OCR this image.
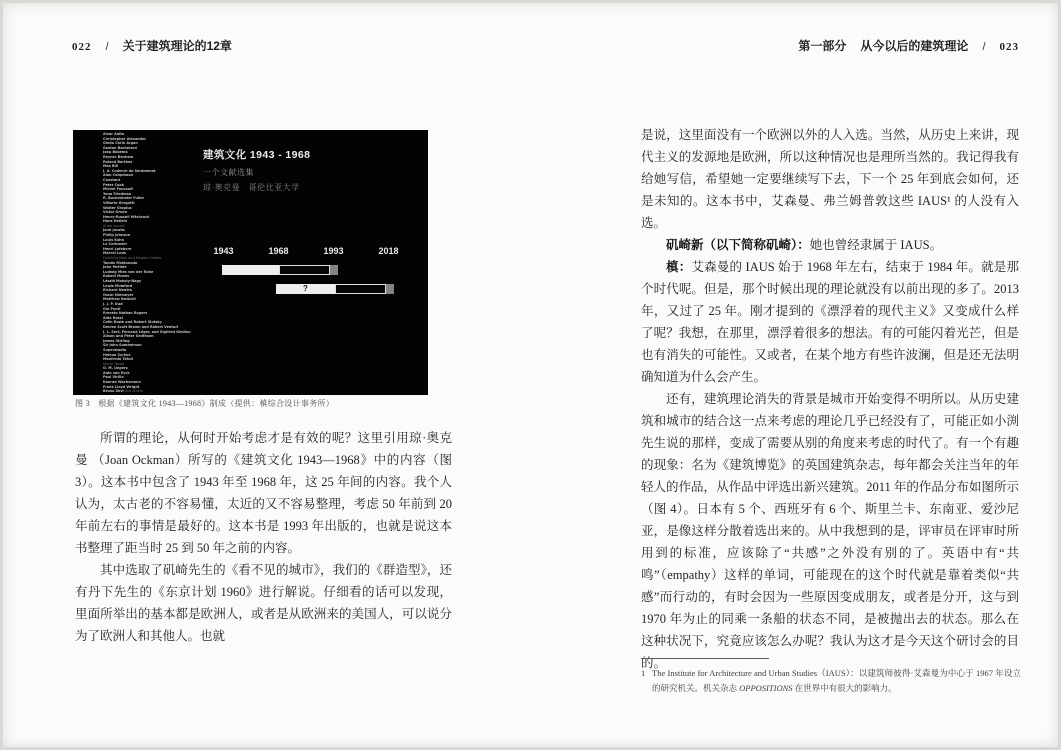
022 / 关于建筑理论的12章	第一部分 从今以后的建筑理论 / 023
Alvar Aalto
Christopher Alexander
Giulio Carlo Argan
Gaston Bachelard
Jaap Bakema
Reyner Banham
Roland Barthes
Max Bill
J. A. Coderch de Sentmenat
Alan Colquhoun
Constant
Peter Cook
Michel Foucault
Yona Friedman
R. Buckminster Fuller
Vittorio Gregotti
Walter Gropius
Victor Gruen
Henry-Russell Hitchcock
Hans Hollein
Arata Isozaki
Jane Jacobs
Philip Johnson
Louis Kahn
Le Corbusier
Henri Lefebvre
Marcel Lods
Fumihiko Maki and Masato Ohtaka
Tomás Maldonado
John McHale
Ludwig Mies van der Rohe
Robert Moses
László Moholy-Nagy
Lewis Mumford
Richard Neutra
Oscar Niemeyer
Matthew Nowicki
J. J. P. Oud
Gio Ponti
Ernesto Nathan Rogers
Aldo Rossi
Colin Rowe and Robert Slutzky
Denise Scott Brown and Robert Venturi
J. L. Sert, Fernand Léger, and Sigfried Giedion
Alison and Peter Smithson
James Stirling
Sir John Summerson
Superstudio
Helena Syrkus
Manfredo Tafuri
Kenzo Tange
O. M. Ungers
Aldo van Eyck
Paul Virilio
Konrad Wachsmann
Frank Lloyd Wright
Bruno Zevi and others
建筑文化 1943 - 1968
一个文献选集
琼·奥克曼　哥伦比亚大学
1943	1968	1993	2018
?
图 3　根据《建筑文化 1943—1968》制成（提供：槙综合设计事务所）

所谓的理论，从何时开始考虑才是有效的呢？这里引用琼·奥克曼 （Joan Ockman）所写的《建筑文化 1943—1968》中的内容（图 3）。这本书中包含了 1943 年至 1968 年，这 25 年间的内容。我个人认为，太古老的不容易懂，太近的又不容易整理，考虑 50 年前到 20 年前左右的事情是最好的。这本书是 1993 年出版的，也就是说这本书整理了距当时 25 到 50 年之前的内容。

其中选取了矶崎先生的《看不见的城市》，我们的《群造型》，还有丹下先生的《东京计划 1960》进行解说。仔细看的话可以发现，里面所举出的基本都是欧洲人，或者是从欧洲来的美国人，可以说分为了欧洲人和其他人。也就

是说，这里面没有一个欧洲以外的人入选。当然，从历史上来讲，现代主义的发源地是欧洲，所以这种情况也是理所当然的。我记得我有给她写信，希望她一定要继续写下去，下一个 25 年到底会如何，还是未知的。这本书中，艾森曼、弗兰姆普敦这些 IAUS¹ 的人没有入选。

矶崎新（以下简称矶崎）：她也曾经隶属于 IAUS。

槙：艾森曼的 IAUS 始于 1968 年左右，结束于 1984 年。就是那个时代呢。但是，那个时候出现的理论就没有以前出现的多了。2013 年，又过了 25 年。刚才提到的《漂浮着的现代主义》又变成什么样了呢？我想，在那里，漂浮着很多的想法。有的可能闪着光芒，但是也有消失的可能性。又或者，在某个地方有些许波澜，但是还无法明确知道为什么会产生。

还有，建筑理论消失的背景是城市开始变得不明所以。从历史建筑和城市的结合这一点来考虑的理论几乎已经没有了，可能正如小渕先生说的那样，变成了需要从别的角度来考虑的时代了。有一个有趣的现象：名为《建筑博览》的英国建筑杂志，每年都会关注当年的年轻人的作品，从作品中评选出新兴建筑。2011 年的作品分布如图所示（图 4）。日本有 5 个、西班牙有 6 个、斯里兰卡、东南亚、爱沙尼亚，是像这样分散着选出来的。从中我想到的是，评审员在评审时所用到的标准，应该除了“共感”之外没有别的了。英语中有“共鸣”（empathy）这样的单词，可能现在的这个时代就是靠着类似“共感”而行动的，有时会因为一些原因变成朋友，或者是分开，这与到 1970 年为止的同乘一条船的状态不同，是被抛出去的状态。那么在这种状况下，究竟应该怎么办呢？我认为这才是今天这个研讨会的目的。

1 The Institute for Architecture and Urban Studies（IAUS）：以建筑师彼得·艾森曼为中心于 1967 年设立的研究机关。机关杂志 OPPOSITIONS 在世界中有很大的影响力。
